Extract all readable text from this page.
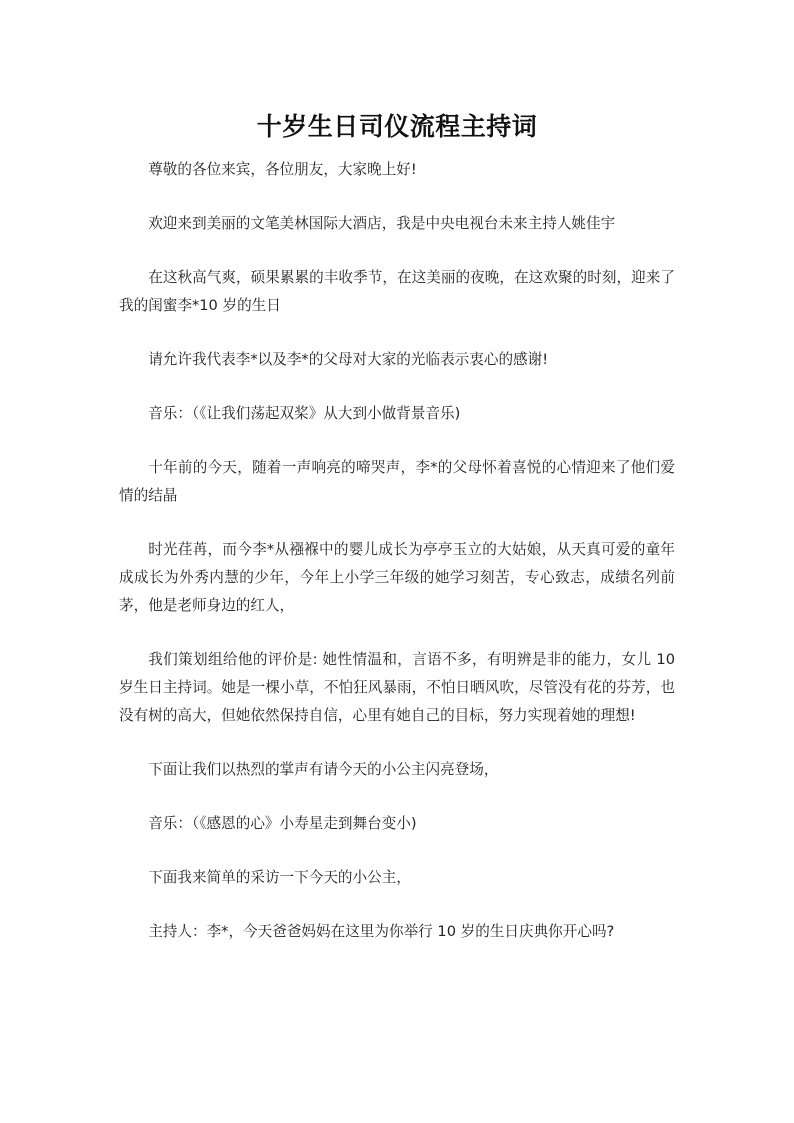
十岁生日司仪流程主持词

尊敬的各位来宾，各位朋友，大家晚上好!

欢迎来到美丽的文笔美林国际大酒店，我是中央电视台未来主持人姚佳宇

在这秋高气爽，硕果累累的丰收季节，在这美丽的夜晚，在这欢聚的时刻，迎来了我的闺蜜李*10 岁的生日

请允许我代表李*以及李*的父母对大家的光临表示衷心的感谢!

音乐：（《让我们荡起双桨》从大到小做背景音乐)

十年前的今天，随着一声响亮的啼哭声，李*的父母怀着喜悦的心情迎来了他们爱情的结晶

时光荏苒，而今李*从襁褓中的婴儿成长为亭亭玉立的大姑娘，从天真可爱的童年成成长为外秀内慧的少年，今年上小学三年级的她学习刻苦，专心致志，成绩名列前茅，他是老师身边的红人，

我们策划组给他的评价是: 她性情温和，言语不多，有明辨是非的能力，女儿 10 岁生日主持词。她是一棵小草，不怕狂风暴雨，不怕日晒风吹，尽管没有花的芬芳，也没有树的高大，但她依然保持自信，心里有她自己的目标，努力实现着她的理想!

下面让我们以热烈的掌声有请今天的小公主闪亮登场，

音乐：（《感恩的心》小寿星走到舞台变小)

下面我来简单的采访一下今天的小公主，

主持人：李*，今天爸爸妈妈在这里为你举行 10 岁的生日庆典你开心吗?
